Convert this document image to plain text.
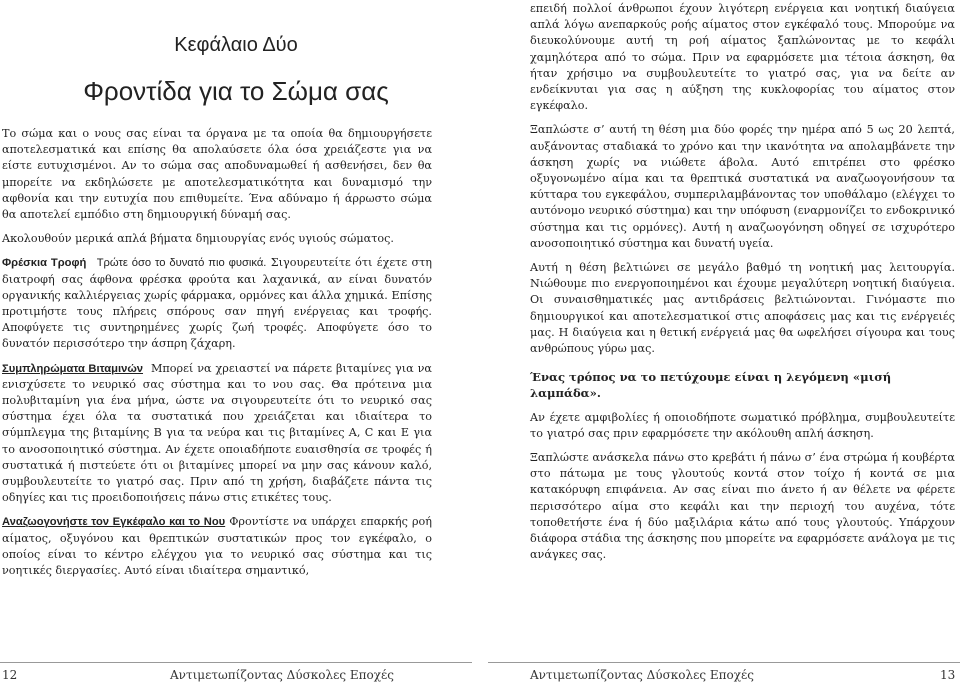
Κεφάλαιο Δύο
Φροντίδα για το Σώμα σας

Το σώμα και ο νους σας είναι τα όργανα με τα οποία θα δημιουργήσετε αποτελεσματικά και επίσης θα απολαύσετε όλα όσα χρειάζεστε για να είστε ευτυχισμένοι. Αν το σώμα σας αποδυναμωθεί ή ασθενήσει, δεν θα μπορείτε να εκδηλώσετε με αποτελεσματικότητα και δυναμισμό την αφθονία και την ευτυχία που επιθυμείτε. Ένα αδύναμο ή άρρωστο σώμα θα αποτελεί εμπόδιο στη δημιουργική δύναμή σας.

Ακολουθούν μερικά απλά βήματα δημιουργίας ενός υγιούς σώματος.

Φρέσκια Τροφή Τρώτε όσο το δυνατό πιο φυσικά. Σιγουρευτείτε ότι έχετε στη διατροφή σας άφθονα φρέσκα φρούτα και λαχανικά, αν είναι δυνατόν οργανικής καλλιέργειας χωρίς φάρμακα, ορμόνες και άλλα χημικά. Επίσης προτιμήστε τους πλήρεις σπόρους σαν πηγή ενέργειας και τροφής. Αποφύγετε τις συντηρημένες χωρίς ζωή τροφές. Αποφύγετε όσο το δυνατόν περισσότερο την άσπρη ζάχαρη.

Συμπληρώματα Βιταμινών Μπορεί να χρειαστεί να πάρετε βιταμίνες για να ενισχύσετε το νευρικό σας σύστημα και το νου σας. Θα πρότεινα μια πολυβιταμίνη για ένα μήνα, ώστε να σιγουρευτείτε ότι το νευρικό σας σύστημα έχει όλα τα συστατικά που χρειάζεται και ιδιαίτερα το σύμπλεγμα της βιταμίνης Β για τα νεύρα και τις βιταμίνες Α, C και Ε για το ανοσοποιητικό σύστημα. Αν έχετε οποιαδήποτε ευαισθησία σε τροφές ή συστατικά ή πιστεύετε ότι οι βιταμίνες μπορεί να μην σας κάνουν καλό, συμβουλευτείτε το γιατρό σας. Πριν από τη χρήση, διαβάζετε πάντα τις οδηγίες και τις προειδοποιήσεις πάνω στις ετικέτες τους.

Αναζωογονήστε τον Εγκέφαλο και το Νου Φροντίστε να υπάρχει επαρκής ροή αίματος, οξυγόνου και θρεπτικών συστατικών προς τον εγκέφαλο, ο οποίος είναι το κέντρο ελέγχου για το νευρικό σας σύστημα και τις νοητικές διεργασίες. Αυτό είναι ιδιαίτερα σημαντικό,

12	Αντιμετωπίζοντας Δύσκολες Εποχές

επειδή πολλοί άνθρωποι έχουν λιγότερη ενέργεια και νοητική διαύγεια απλά λόγω ανεπαρκούς ροής αίματος στον εγκέφαλό τους. Μπορούμε να διευκολύνουμε αυτή τη ροή αίματος ξαπλώνοντας με το κεφάλι χαμηλότερα από το σώμα. Πριν να εφαρμόσετε μια τέτοια άσκηση, θα ήταν χρήσιμο να συμβουλευτείτε το γιατρό σας, για να δείτε αν ενδείκνυται για σας η αύξηση της κυκλοφορίας του αίματος στον εγκέφαλο.

Ξαπλώστε σ’ αυτή τη θέση μια δύο φορές την ημέρα από 5 ως 20 λεπτά, αυξάνοντας σταδιακά το χρόνο και την ικανότητα να απολαμβάνετε την άσκηση χωρίς να νιώθετε άβολα. Αυτό επιτρέπει στο φρέσκο οξυγονωμένο αίμα και τα θρεπτικά συστατικά να αναζωογονήσουν τα κύτταρα του εγκεφάλου, συμπεριλαμβάνοντας τον υποθάλαμο (ελέγχει το αυτόνομο νευρικό σύστημα) και την υπόφυση (εναρμονίζει το ενδοκρινικό σύστημα και τις ορμόνες). Αυτή η αναζωογόνηση οδηγεί σε ισχυρότερο ανοσοποιητικό σύστημα και δυνατή υγεία.

Αυτή η θέση βελτιώνει σε μεγάλο βαθμό τη νοητική μας λειτουργία. Νιώθουμε πιο ενεργοποιημένοι και έχουμε μεγαλύτερη νοητική διαύγεια. Οι συναισθηματικές μας αντιδράσεις βελτιώνονται. Γινόμαστε πιο δημιουργικοί και αποτελεσματικοί στις αποφάσεις μας και τις ενέργειές μας. Η διαύγεια και η θετική ενέργειά μας θα ωφελήσει σίγουρα και τους ανθρώπους γύρω μας.

Ένας τρόπος να το πετύχουμε είναι η λεγόμενη «μισή λαμπάδα».

Αν έχετε αμφιβολίες ή οποιοδήποτε σωματικό πρόβλημα, συμβουλευτείτε το γιατρό σας πριν εφαρμόσετε την ακόλουθη απλή άσκηση.

Ξαπλώστε ανάσκελα πάνω στο κρεβάτι ή πάνω σ’ ένα στρώμα ή κουβέρτα στο πάτωμα με τους γλουτούς κοντά στον τοίχο ή κοντά σε μια κατακόρυφη επιφάνεια. Αν σας είναι πιο άνετο ή αν θέλετε να φέρετε περισσότερο αίμα στο κεφάλι και την περιοχή του αυχένα, τότε τοποθετήστε ένα ή δύο μαξιλάρια κάτω από τους γλουτούς. Υπάρχουν διάφορα στάδια της άσκησης που μπορείτε να εφαρμόσετε ανάλογα με τις ανάγκες σας.

Αντιμετωπίζοντας Δύσκολες Εποχές	13
